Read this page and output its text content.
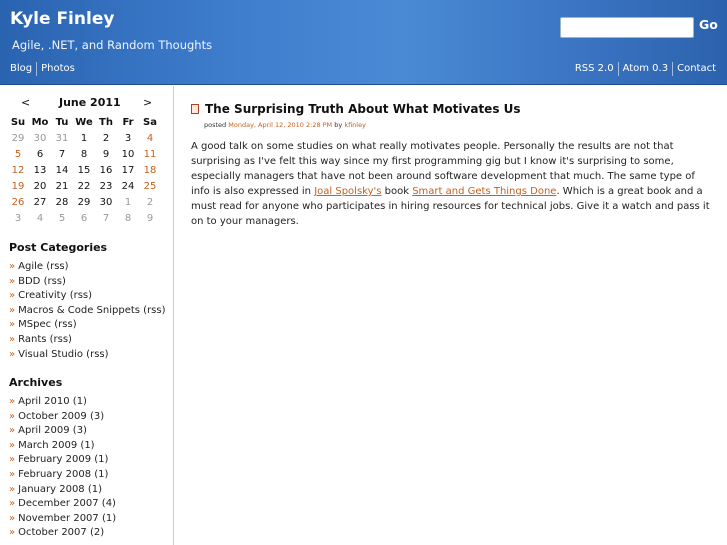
Kyle Finley
Agile, .NET, and Random Thoughts
Go
Blog Photos	RSS 2.0 Atom 0.3 Contact
<	June 2011 >
Su Mo Tu We Th Fr Sa
29 30 31	1	2	3	4
5	6	7	8	9	10 11
12 13 14 15 16 17 18
19 20 21 22 23 24 25
26 27 28 29 30	1	2
3	4	5	6	7	8	9
Post Categories
» Agile (rss)
» BDD (rss)
» Creativity (rss)
» Macros & Code Snippets (rss)
» MSpec (rss)
» Rants (rss)
» Visual Studio (rss)
Archives
» April 2010 (1)
» October 2009 (3)
» April 2009 (3)
» March 2009 (1)
» February 2009 (1)
» February 2008 (1)
» January 2008 (1)
» December 2007 (4)
» November 2007 (1)
» October 2007 (2)
The Surprising Truth About What Motivates Us
posted Monday, April 12, 2010 2:28 PM by kfinley

A good talk on some studies on what really motivates people. Personally the results are not that surprising as I've felt this way since my first programming gig but I know it's surprising to some, especially managers that have not been around software development that much. The same type of info is also expressed in Joal Spolsky's book Smart and Gets Things Done. Which is a great book and a must read for anyone who participates in hiring resources for technical jobs. Give it a watch and pass it on to your managers.
